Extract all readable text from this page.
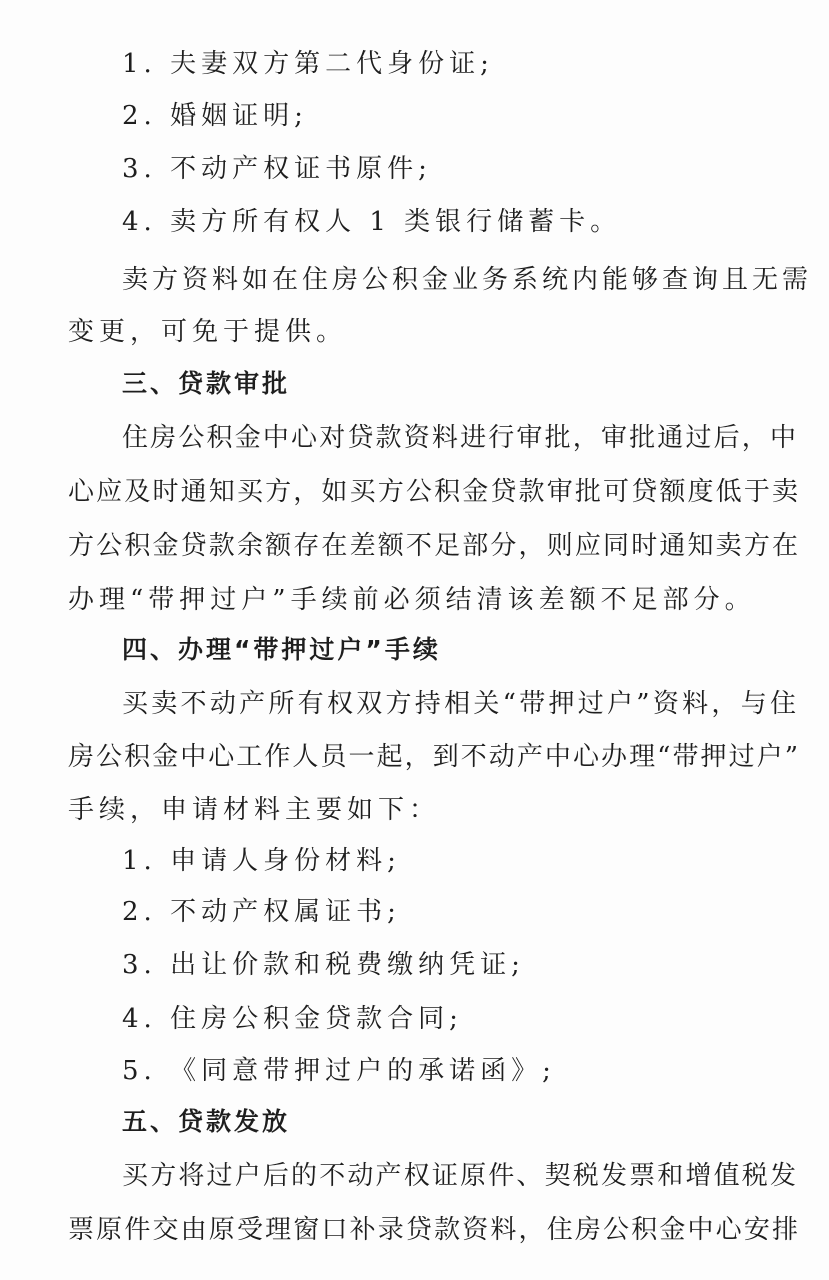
1. 夫妻双方第二代身份证;
2. 婚姻证明;
3. 不动产权证书原件;
4. 卖方所有权人 1 类银行储蓄卡。
卖方资料如在住房公积金业务系统内能够查询且无需
变更，可免于提供。
三、贷款审批
住房公积金中心对贷款资料进行审批，审批通过后，中
心应及时通知买方，如买方公积金贷款审批可贷额度低于卖
方公积金贷款余额存在差额不足部分，则应同时通知卖方在
办理“带押过户”手续前必须结清该差额不足部分。
四、办理“带押过户”手续
买卖不动产所有权双方持相关“带押过户”资料，与住
房公积金中心工作人员一起，到不动产中心办理“带押过户”
手续，申请材料主要如下：
1. 申请人身份材料;
2. 不动产权属证书;
3. 出让价款和税费缴纳凭证;
4. 住房公积金贷款合同;
5. 《同意带押过户的承诺函》;
五、贷款发放
买方将过户后的不动产权证原件、契税发票和增值税发
票原件交由原受理窗口补录贷款资料，住房公积金中心安排
